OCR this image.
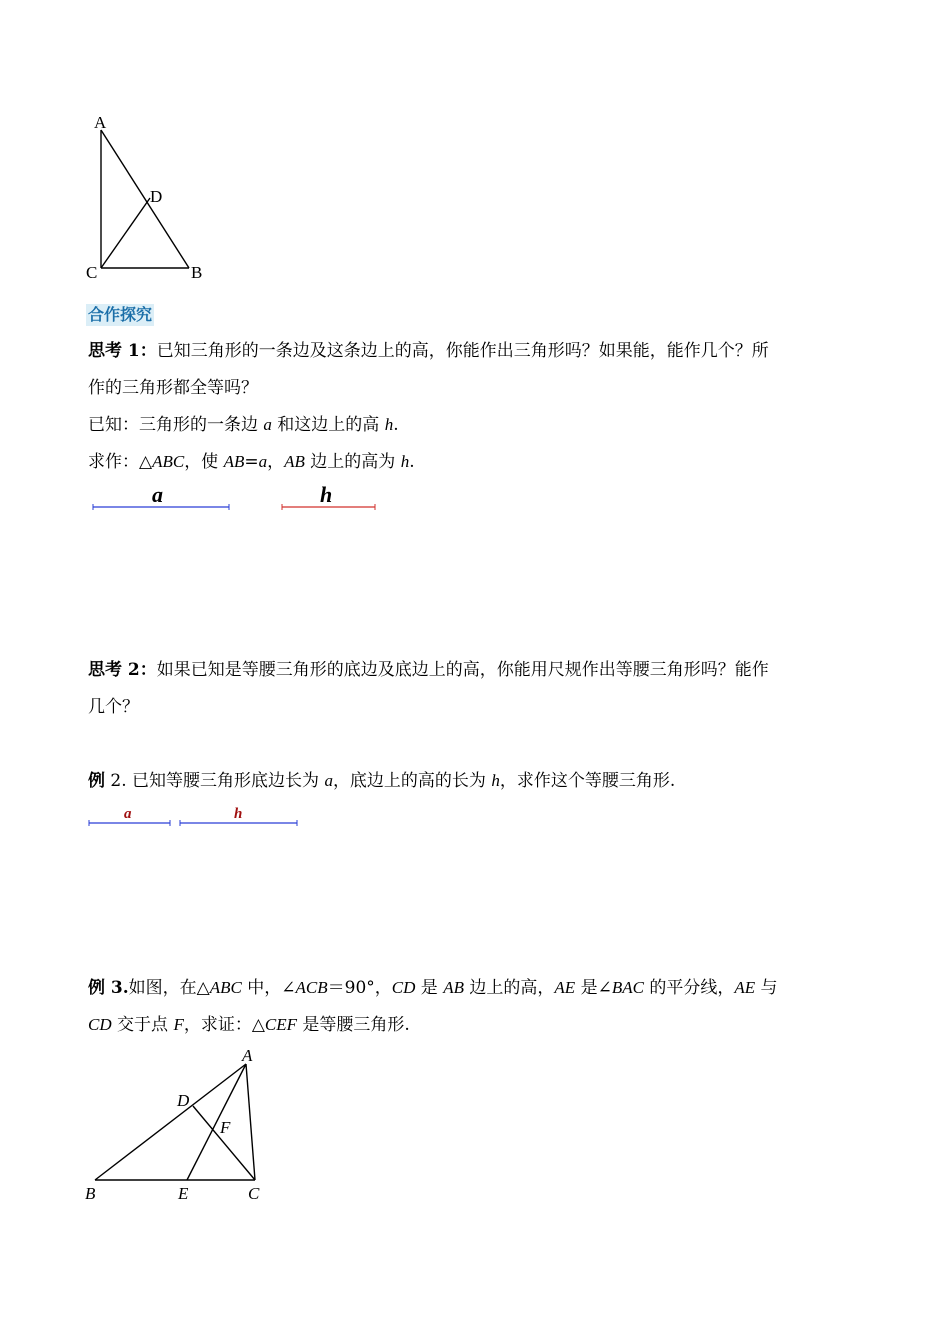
A
D
C	B
合作探究
思考 1：已知三角形的一条边及这条边上的高，你能作出三角形吗？如果能，能作几个？所
作的三角形都全等吗？
已知：三角形的一条边 a 和这边上的高 h.
求作：△ABC，使 AB=a，AB 边上的高为 h.
a	h
思考 2：如果已知是等腰三角形的底边及底边上的高，你能用尺规作出等腰三角形吗？能作
几个？
例 2. 已知等腰三角形底边长为 a，底边上的高的长为 h，求作这个等腰三角形.
a	h
例 3.如图，在△ABC 中，∠ACB＝90°，CD 是 AB 边上的高，AE 是∠BAC 的平分线，AE 与
CD 交于点 F，求证：△CEF 是等腰三角形.
A
D
F
B	E	C
